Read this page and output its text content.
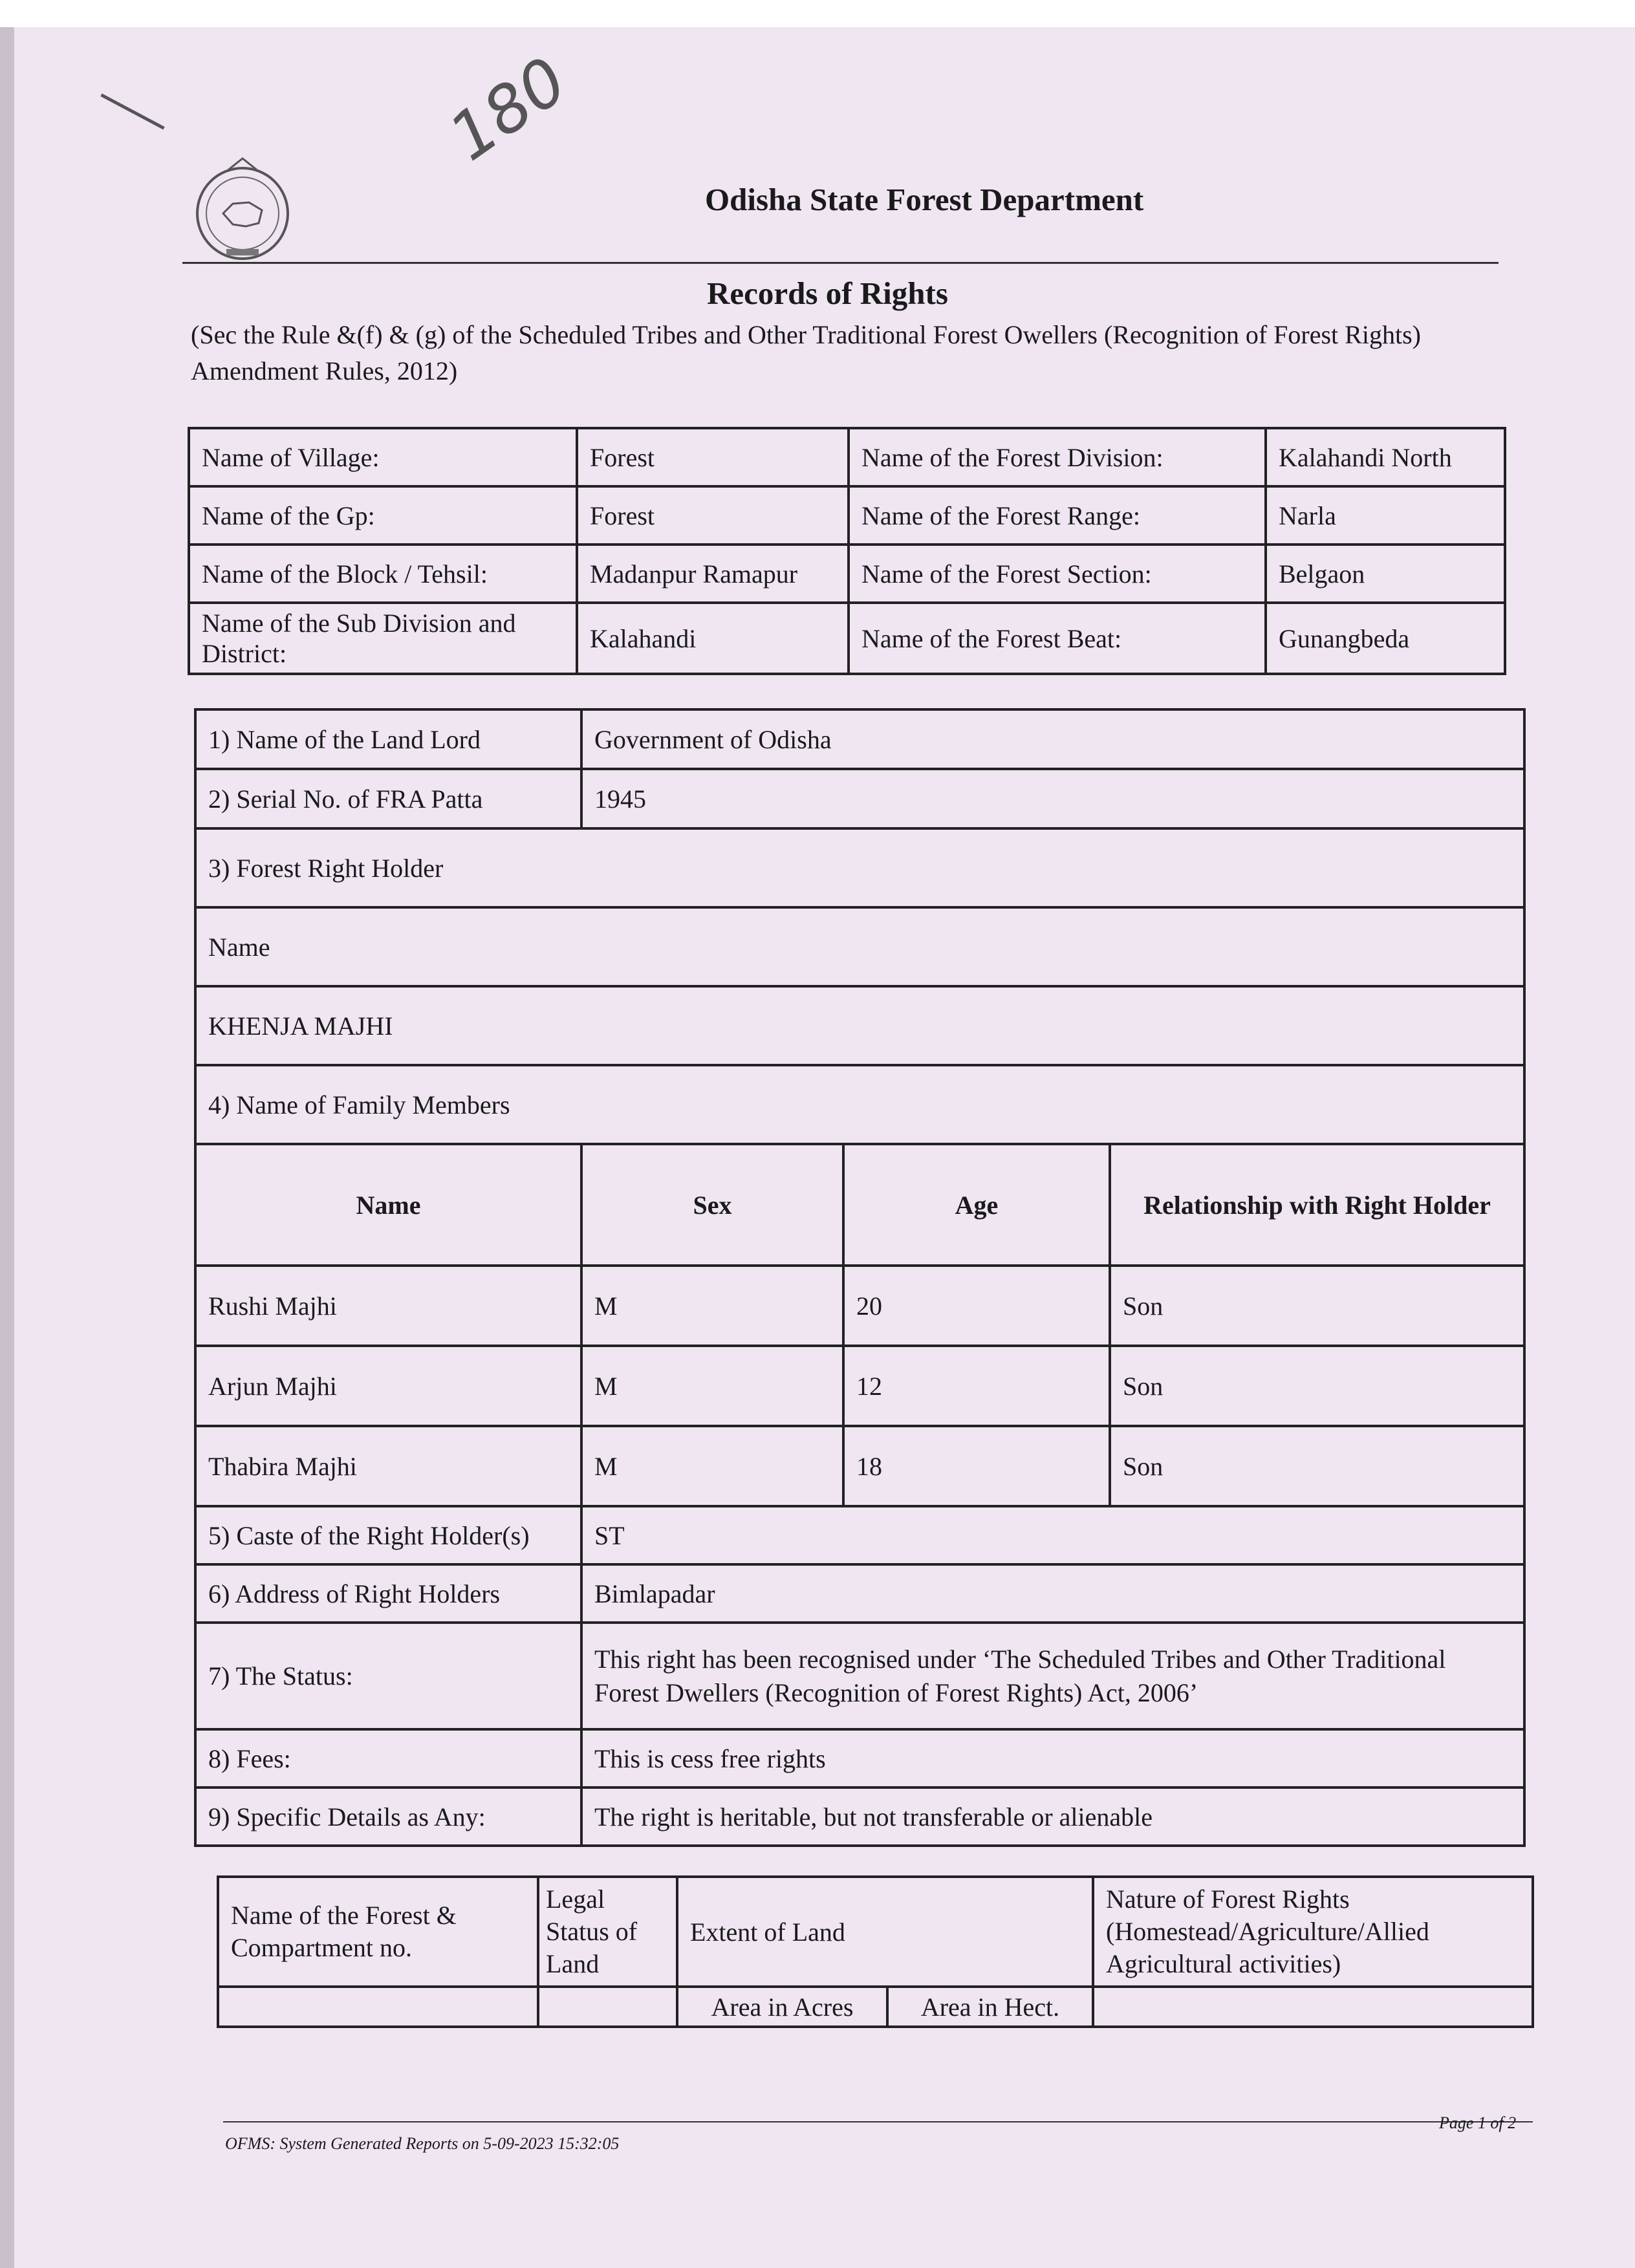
180
Odisha State Forest Department
Records of Rights
(Sec the Rule &(f) & (g) of the Scheduled Tribes and Other Traditional Forest Owellers (Recognition of Forest Rights) Amendment Rules, 2012)
Name of Village:	Forest	Name of the Forest Division:	Kalahandi North
Name of the Gp:	Forest	Name of the Forest Range:	Narla
Name of the Block / Tehsil:	Madanpur Ramapur	Name of the Forest Section:	Belgaon
Name of the Sub Division and District:	Kalahandi	Name of the Forest Beat:	Gunangbeda
1) Name of the Land Lord	Government of Odisha		
2) Serial No. of FRA Patta	1945		
3) Forest Right Holder			
Name			
KHENJA MAJHI			
4) Name of Family Members			
Name	Sex	Age	Relationship with Right Holder
Rushi Majhi	M	20	Son
Arjun Majhi	M	12	Son
Thabira Majhi	M	18	Son
5) Caste of the Right Holder(s)	ST		
6) Address of Right Holders	Bimlapadar		
7) The Status:	This right has been recognised under ‘The Scheduled Tribes and Other Traditional
Forest Dwellers (Recognition of Forest Rights) Act, 2006’		

8) Fees:	This is cess free rights		
9) Specific Details as Any:	The right is heritable, but not transferable or alienable		
Name of the Forest & Compartment no.	Legal Status of Land	Extent of Land		Nature of Forest Rights (Homestead/Agriculture/Allied Agricultural activities)
		Area in Acres	Area in Hect.	
OFMS: System Generated Reports on 5-09-2023 15:32:05
Page 1 of 2
